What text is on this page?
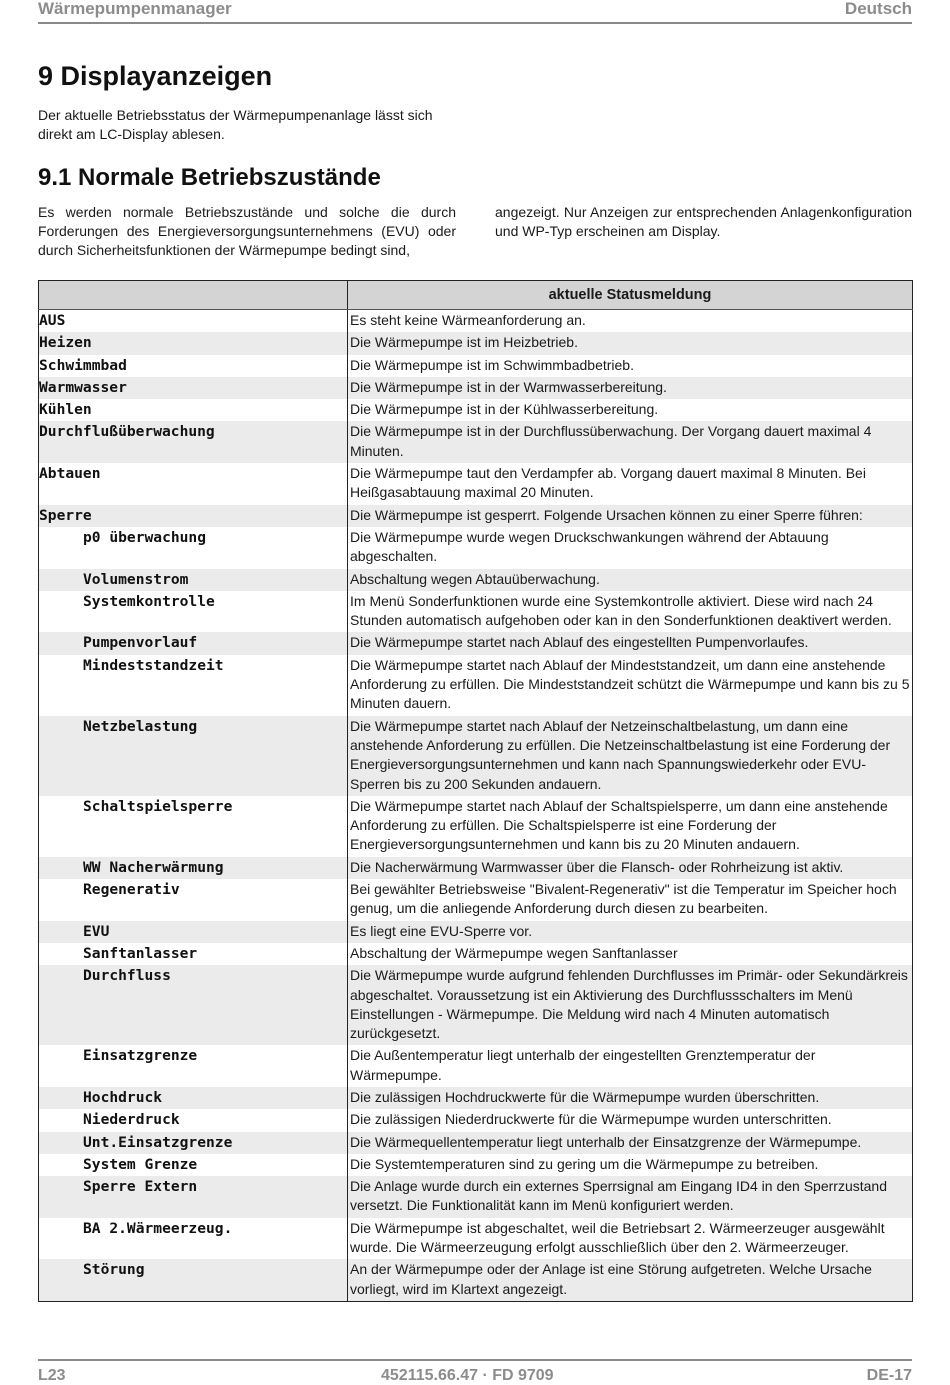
Wärmepumpenmanager	Deutsch
9 Displayanzeigen

Der aktuelle Betriebsstatus der Wärmepumpenanlage lässt sich direkt am LC-Display ablesen.

9.1 Normale Betriebszustände

Es werden normale Betriebszustände und solche die durch Forderungen des Energieversorgungsunternehmens (EVU) oder durch Sicherheitsfunktionen der Wärmepumpe bedingt sind,

angezeigt. Nur Anzeigen zur entsprechenden Anlagenkonfiguration und WP-Typ erscheinen am Display.

	aktuelle Statusmeldung
AUS	Es steht keine Wärmeanforderung an.
Heizen	Die Wärmepumpe ist im Heizbetrieb.
Schwimmbad	Die Wärmepumpe ist im Schwimmbadbetrieb.
Warmwasser	Die Wärmepumpe ist in der Warmwasserbereitung.
Kühlen	Die Wärmepumpe ist in der Kühlwasserbereitung.
Durchflußüberwachung	Die Wärmepumpe ist in der Durchflussüberwachung. Der Vorgang dauert maximal 4 Minuten.
Abtauen	Die Wärmepumpe taut den Verdampfer ab. Vorgang dauert maximal 8 Minuten. Bei Heißgasabtauung maximal 20 Minuten.
Sperre	Die Wärmepumpe ist gesperrt. Folgende Ursachen können zu einer Sperre führen:
p0 überwachung	Die Wärmepumpe wurde wegen Druckschwankungen während der Abtauung abgeschalten.
Volumenstrom	Abschaltung wegen Abtauüberwachung.
Systemkontrolle	Im Menü Sonderfunktionen wurde eine Systemkontrolle aktiviert. Diese wird nach 24 Stunden automatisch aufgehoben oder kan in den Sonderfunktionen deaktivert werden.
Pumpenvorlauf	Die Wärmepumpe startet nach Ablauf des eingestellten Pumpenvorlaufes.
Mindeststandzeit	Die Wärmepumpe startet nach Ablauf der Mindeststandzeit, um dann eine anstehende Anforderung zu erfüllen. Die Mindeststandzeit schützt die Wärmepumpe und kann bis zu 5 Minuten dauern.
Netzbelastung	Die Wärmepumpe startet nach Ablauf der Netzeinschaltbelastung, um dann eine anstehende Anforderung zu erfüllen. Die Netzeinschaltbelastung ist eine Forderung der Energieversorgungsunternehmen und kann nach Spannungswiederkehr oder EVU-Sperren bis zu 200 Sekunden andauern.
Schaltspielsperre	Die Wärmepumpe startet nach Ablauf der Schaltspielsperre, um dann eine anstehende Anforderung zu erfüllen. Die Schaltspielsperre ist eine Forderung der Energieversorgungsunternehmen und kann bis zu 20 Minuten andauern.
WW Nacherwärmung	Die Nacherwärmung Warmwasser über die Flansch- oder Rohrheizung ist aktiv.
Regenerativ	Bei gewählter Betriebsweise "Bivalent-Regenerativ" ist die Temperatur im Speicher hoch genug, um die anliegende Anforderung durch diesen zu bearbeiten.
EVU	Es liegt eine EVU-Sperre vor.
Sanftanlasser	Abschaltung der Wärmepumpe wegen Sanftanlasser
Durchfluss	Die Wärmepumpe wurde aufgrund fehlenden Durchflusses im Primär- oder Sekundärkreis abgeschaltet. Voraussetzung ist ein Aktivierung des Durchflussschalters im Menü Einstellungen - Wärmepumpe. Die Meldung wird nach 4 Minuten automatisch zurückgesetzt.
Einsatzgrenze	Die Außentemperatur liegt unterhalb der eingestellten Grenztemperatur der Wärmepumpe.
Hochdruck	Die zulässigen Hochdruckwerte für die Wärmepumpe wurden überschritten.
Niederdruck	Die zulässigen Niederdruckwerte für die Wärmepumpe wurden unterschritten.
Unt.Einsatzgrenze	Die Wärmequellentemperatur liegt unterhalb der Einsatzgrenze der Wärmepumpe.
System Grenze	Die Systemtemperaturen sind zu gering um die Wärmepumpe zu betreiben.
Sperre Extern	Die Anlage wurde durch ein externes Sperrsignal am Eingang ID4 in den Sperrzustand versetzt. Die Funktionalität kann im Menü konfiguriert werden.
BA 2.Wärmeerzeug.	Die Wärmepumpe ist abgeschaltet, weil die Betriebsart 2. Wärmeerzeuger ausgewählt wurde. Die Wärmeerzeugung erfolgt ausschließlich über den 2. Wärmeerzeuger.
Störung	An der Wärmepumpe oder der Anlage ist eine Störung aufgetreten. Welche Ursache vorliegt, wird im Klartext angezeigt.
L23	452115.66.47 · FD 9709	DE-17
